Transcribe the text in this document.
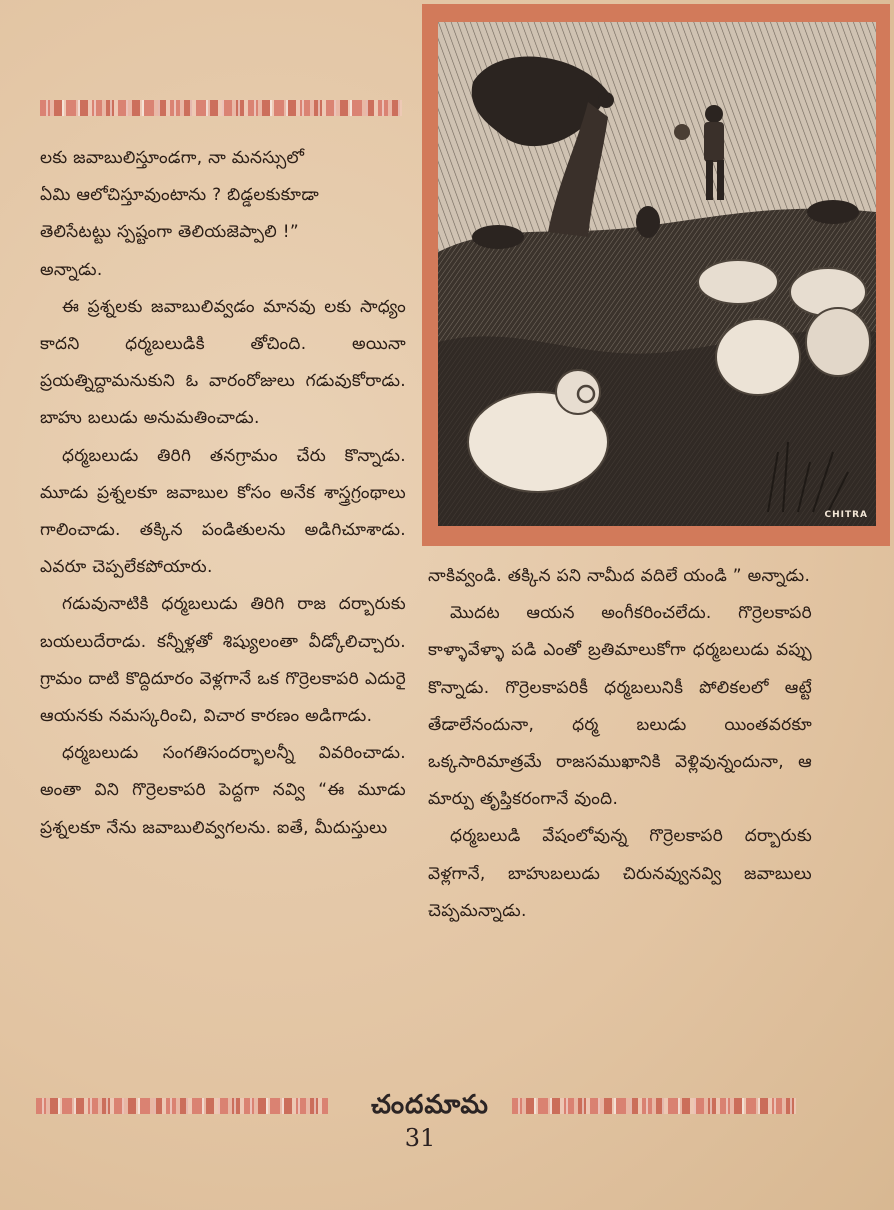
CHITRA

లకు జవాబులిస్తూండగా, నా మనస్సులో

ఏమి ఆలోచిస్తూవుంటాను ? బిడ్డలకుకూడా

తెలిసేటట్టు స్పష్టంగా తెలియజెప్పాలి !”

అన్నాడు.

ఈ ప్రశ్నలకు జవాబులివ్వడం మానవు లకు సాధ్యం కాదని ధర్మబలుడికి తోచింది. అయినా ప్రయత్నిద్దామనుకుని ఓ వారంరోజులు గడువుకోరాడు. బాహు బలుడు అనుమతించాడు.

ధర్మబలుడు తిరిగి తనగ్రామం చేరు కొన్నాడు. మూడు ప్రశ్నలకూ జవాబుల కోసం అనేక శాస్త్రగ్రంథాలు గాలించాడు. తక్కిన పండితులను అడిగిచూశాడు. ఎవరూ చెప్పలేకపోయారు.

గడువునాటికి ధర్మబలుడు తిరిగి రాజ దర్బారుకు బయలుదేరాడు. కన్నీళ్లతో శిష్యులంతా వీడ్కోలిచ్చారు. గ్రామం దాటి కొద్దిదూరం వెళ్లగానే ఒక గొర్రెలకాపరి ఎదురై ఆయనకు నమస్కరించి, విచార కారణం అడిగాడు.

ధర్మబలుడు సంగతిసందర్భాలన్నీ వివరించాడు. అంతా విని గొర్రెలకాపరి పెద్దగా నవ్వి “ఈ మూడు ప్రశ్నలకూ నేను జవాబులివ్వగలను. ఐతే, మీదుస్తులు

నాకివ్వండి. తక్కిన పని నామీద వదిలే యండి ” అన్నాడు.

మొదట ఆయన అంగీకరించలేదు. గొర్రెలకాపరి కాళ్ళావేళ్ళా పడి ఎంతో బ్రతిమాలుకోగా ధర్మబలుడు వప్పు కొన్నాడు. గొర్రెలకాపరికీ ధర్మబలునికీ పోలికలలో ఆట్టే తేడాలేనందునా, ధర్మ బలుడు యింతవరకూ ఒక్కసారిమాత్రమే రాజసముఖానికి వెళ్లివున్నందునా, ఆ మార్పు తృప్తికరంగానే వుంది.

ధర్మబలుడి వేషంలోవున్న గొర్రెలకాపరి దర్బారుకు వెళ్లగానే, బాహుబలుడు చిరునవ్వునవ్వి జవాబులు చెప్పమన్నాడు.

చందమామ
31
